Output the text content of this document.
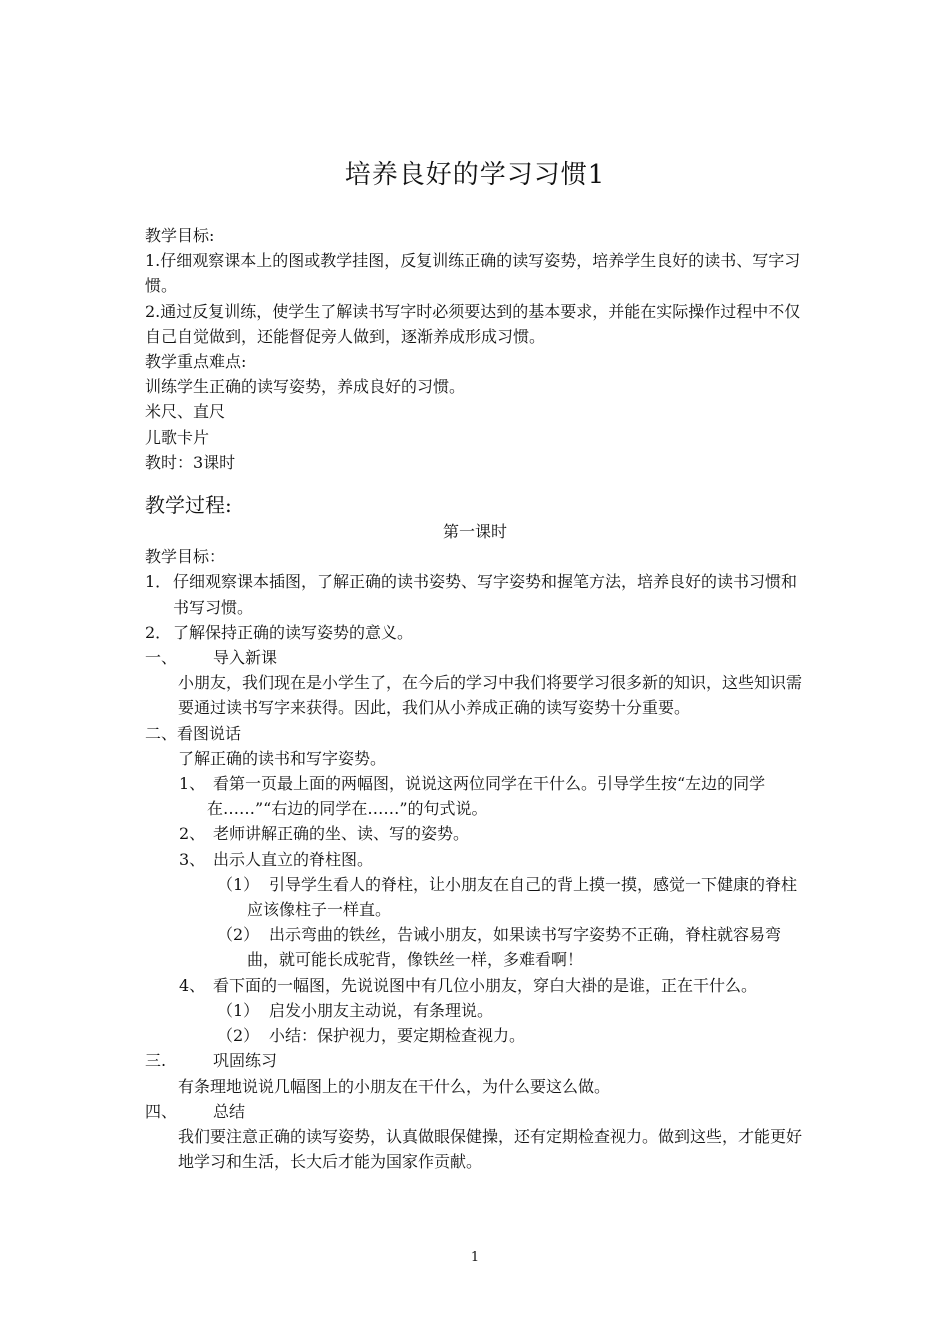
培养良好的学习习惯1

教学目标:

1.仔细观察课本上的图或教学挂图，反复训练正确的读写姿势，培养学生良好的读书、写字习惯。

2.通过反复训练，使学生了解读书写字时必须要达到的基本要求，并能在实际操作过程中不仅自己自觉做到，还能督促旁人做到，逐渐养成形成习惯。

教学重点难点:

训练学生正确的读写姿势，养成良好的习惯。

米尺、直尺

儿歌卡片

教时：3课时

教学过程:

第一课时

教学目标：

1． 仔细观察课本插图，了解正确的读书姿势、写字姿势和握笔方法，培养良好的读书习惯和书写习惯。

2． 了解保持正确的读写姿势的意义。

一、 导入新课

小朋友，我们现在是小学生了，在今后的学习中我们将要学习很多新的知识，这些知识需要通过读书写字来获得。因此，我们从小养成正确的读写姿势十分重要。

二、看图说话

了解正确的读书和写字姿势。

1、 看第一页最上面的两幅图，说说这两位同学在干什么。引导学生按“左边的同学在……”“右边的同学在……”的句式说。

2、 老师讲解正确的坐、读、写的姿势。

3、 出示人直立的脊柱图。

（1） 引导学生看人的脊柱，让小朋友在自己的背上摸一摸，感觉一下健康的脊柱应该像柱子一样直。

（2） 出示弯曲的铁丝，告诫小朋友，如果读书写字姿势不正确，脊柱就容易弯曲，就可能长成驼背，像铁丝一样，多难看啊！

4、 看下面的一幅图，先说说图中有几位小朋友，穿白大褂的是谁，正在干什么。

（1） 启发小朋友主动说，有条理说。

（2） 小结：保护视力，要定期检查视力。

三.	巩固练习

有条理地说说几幅图上的小朋友在干什么，为什么要这么做。

四、 总结

我们要注意正确的读写姿势，认真做眼保健操，还有定期检查视力。做到这些，才能更好地学习和生活，长大后才能为国家作贡献。

1
